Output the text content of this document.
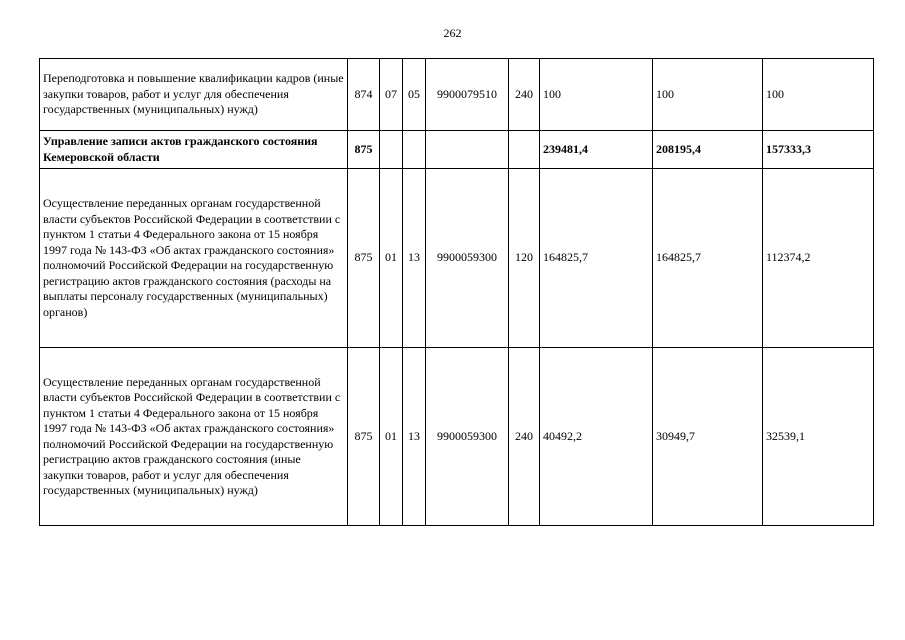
262
Переподготовка и повышение квалификации кадров (иные закупки товаров, работ и услуг для обеспечения государственных (муниципальных) нужд)	874	07	05	9900079510	240	100	100	100
Управление записи актов гражданского состояния Кемеровской области	875					239481,4	208195,4	157333,3
Осуществление переданных органам государственной власти субъектов Российской Федерации в соответствии с пунктом 1 статьи 4 Федерального закона от 15 ноября 1997 года № 143-ФЗ «Об актах гражданского состояния» полномочий Российской Федерации на государственную регистрацию актов гражданского состояния (расходы на выплаты персоналу государственных (муниципальных) органов)	875	01	13	9900059300	120	164825,7	164825,7	112374,2
Осуществление переданных органам государственной власти субъектов Российской Федерации в соответствии с пунктом 1 статьи 4 Федерального закона от 15 ноября 1997 года № 143-ФЗ «Об актах гражданского состояния» полномочий Российской Федерации на государственную регистрацию актов гражданского состояния (иные закупки товаров, работ и услуг для обеспечения государственных (муниципальных) нужд)	875	01	13	9900059300	240	40492,2	30949,7	32539,1
